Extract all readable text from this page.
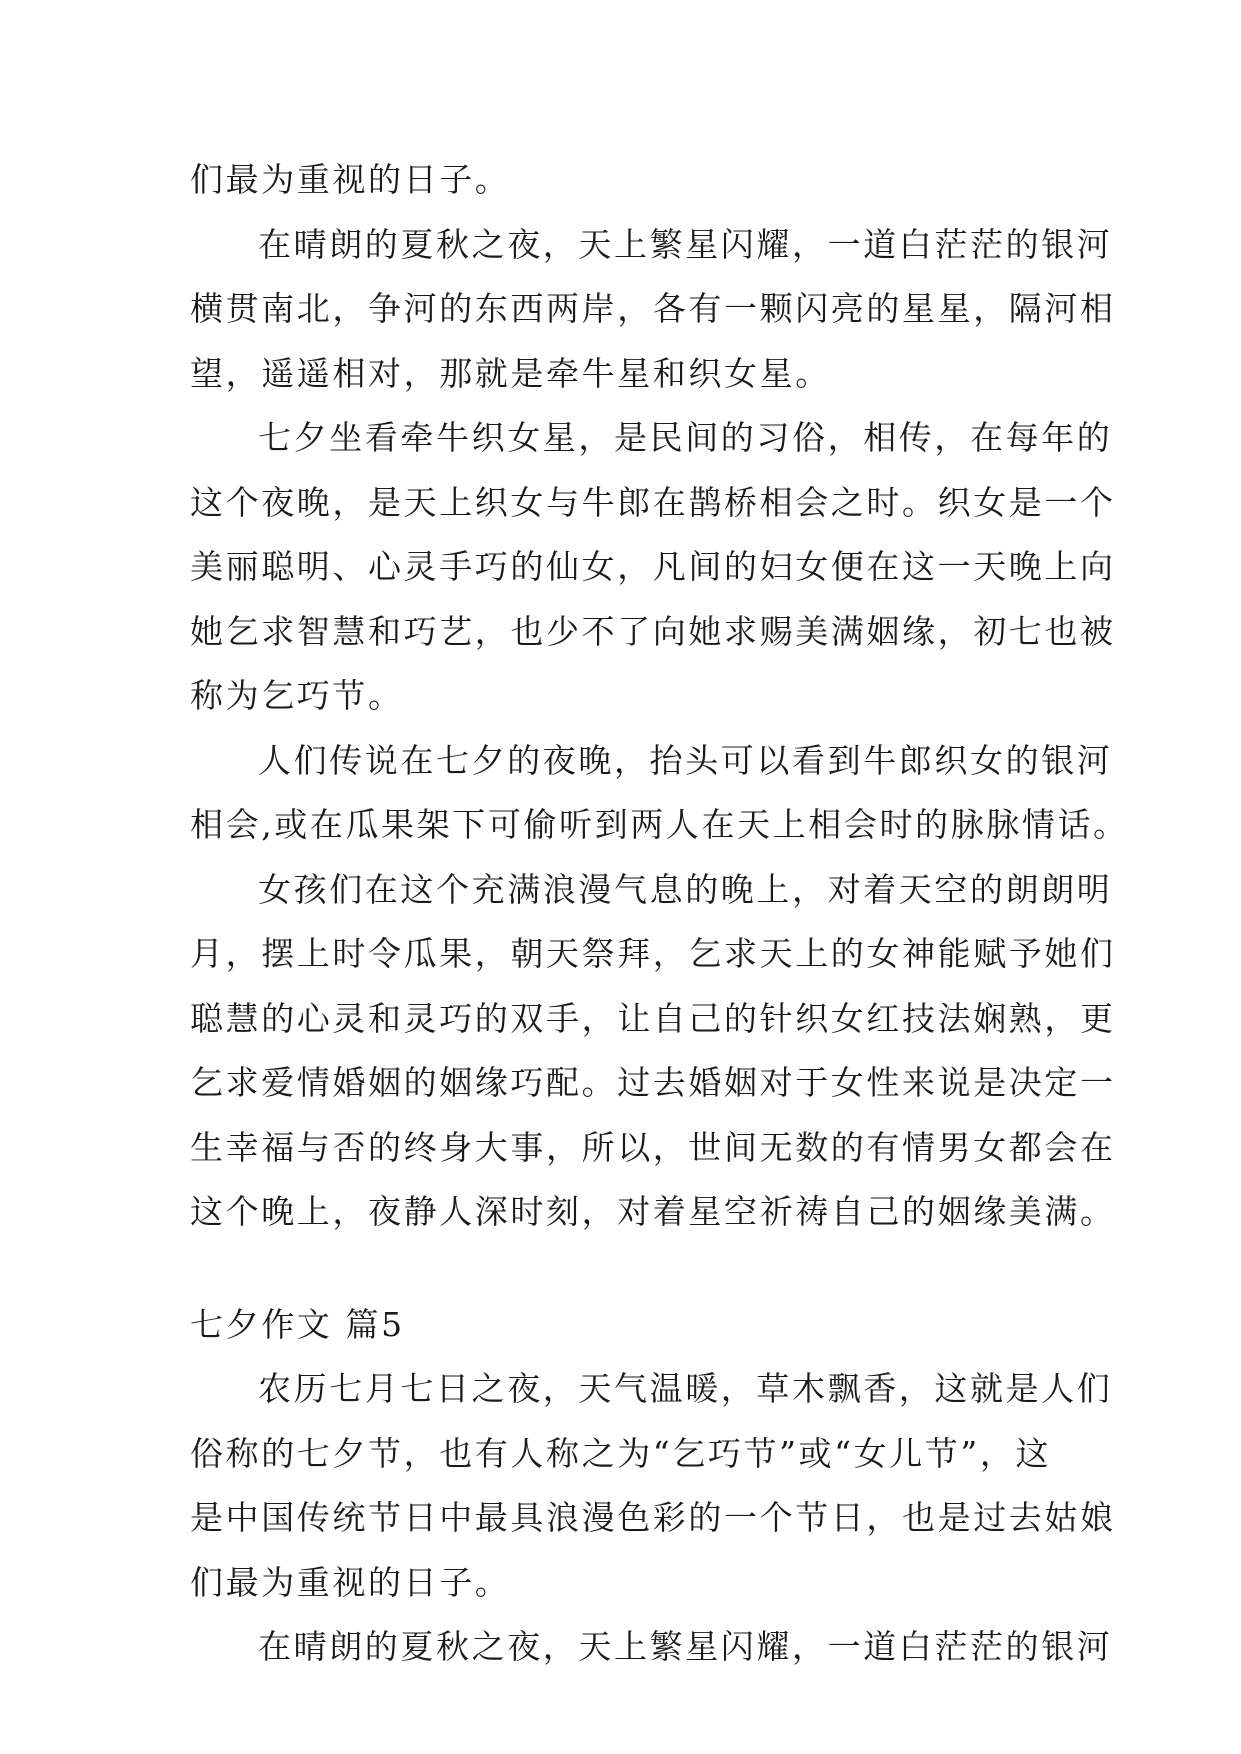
们最为重视的日子。
在晴朗的夏秋之夜，天上繁星闪耀，一道白茫茫的银河
横贯南北，争河的东西两岸，各有一颗闪亮的星星，隔河相
望，遥遥相对，那就是牵牛星和织女星。
七夕坐看牵牛织女星，是民间的习俗，相传，在每年的
这个夜晚，是天上织女与牛郎在鹊桥相会之时。织女是一个
美丽聪明、心灵手巧的仙女，凡间的妇女便在这一天晚上向
她乞求智慧和巧艺，也少不了向她求赐美满姻缘，初七也被
称为乞巧节。
人们传说在七夕的夜晚，抬头可以看到牛郎织女的银河
相会,或在瓜果架下可偷听到两人在天上相会时的脉脉情话。
女孩们在这个充满浪漫气息的晚上，对着天空的朗朗明
月，摆上时令瓜果，朝天祭拜，乞求天上的女神能赋予她们
聪慧的心灵和灵巧的双手，让自己的针织女红技法娴熟，更
乞求爱情婚姻的姻缘巧配。过去婚姻对于女性来说是决定一
生幸福与否的终身大事，所以，世间无数的有情男女都会在
这个晚上，夜静人深时刻，对着星空祈祷自己的姻缘美满。
七夕作文 篇5
农历七月七日之夜，天气温暖，草木飘香，这就是人们
俗称的七夕节，也有人称之为“乞巧节”或“女儿节”，这
是中国传统节日中最具浪漫色彩的一个节日，也是过去姑娘
们最为重视的日子。
在晴朗的夏秋之夜，天上繁星闪耀，一道白茫茫的银河
